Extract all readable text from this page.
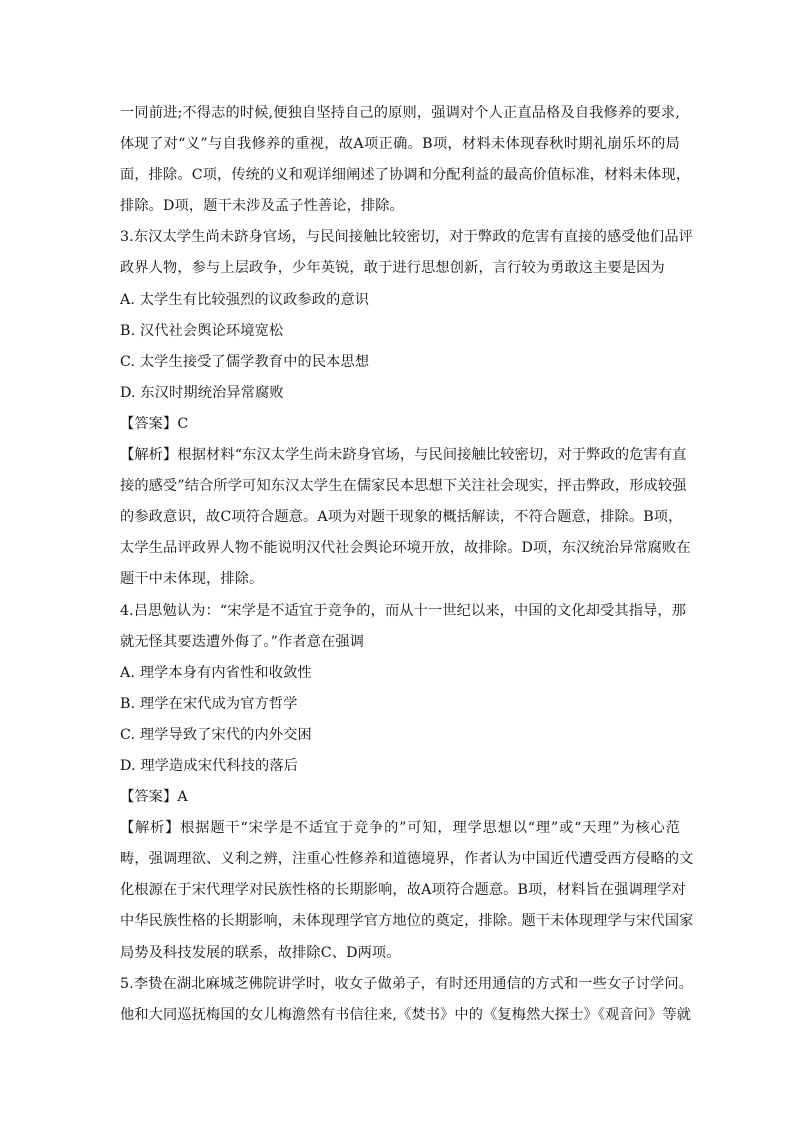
一同前进;不得志的时候,便独自坚持自己的原则，强调对个人正直品格及自我修养的要求,
体现了对“义”与自我修养的重视，故A项正确。B项，材料未体现春秋时期礼崩乐坏的局
面，排除。C项，传统的义和观详细阐述了协调和分配利益的最高价值标准，材料未体现，
排除。D项，题干未涉及孟子性善论，排除。
3.东汉太学生尚未跻身官场，与民间接触比较密切，对于弊政的危害有直接的感受他们品评
政界人物，参与上层政争，少年英锐，敢于进行思想创新，言行较为勇敢这主要是因为
A. 太学生有比较强烈的议政参政的意识
B. 汉代社会舆论环境宽松
C. 太学生接受了儒学教育中的民本思想
D. 东汉时期统治异常腐败
【答案】C
【解析】根据材料“东汉太学生尚未跻身官场，与民间接触比较密切，对于弊政的危害有直
接的感受”结合所学可知东汉太学生在儒家民本思想下关注社会现实，抨击弊政，形成较强
的参政意识，故C项符合题意。A项为对题干现象的概括解读，不符合题意，排除。B项，
太学生品评政界人物不能说明汉代社会舆论环境开放，故排除。D项，东汉统治异常腐败在
题干中未体现，排除。
4.吕思勉认为：“宋学是不适宜于竞争的，而从十一世纪以来，中国的文化却受其指导，那
就无怪其要迭遭外侮了。”作者意在强调
A. 理学本身有内省性和收敛性
B. 理学在宋代成为官方哲学
C. 理学导致了宋代的内外交困
D. 理学造成宋代科技的落后
【答案】A
【解析】根据题干“宋学是不适宜于竞争的”可知，理学思想以“理”或“天理”为核心范
畴，强调理欲、义利之辨，注重心性修养和道德境界，作者认为中国近代遭受西方侵略的文
化根源在于宋代理学对民族性格的长期影响，故A项符合题意。B项，材料旨在强调理学对
中华民族性格的长期影响，未体现理学官方地位的奠定，排除。题干未体现理学与宋代国家
局势及科技发展的联系，故排除C、D两项。
5.李贽在湖北麻城芝佛院讲学时，收女子做弟子，有时还用通信的方式和一些女子讨学问。
他和大同巡抚梅国的女儿梅澹然有书信往来,《焚书》中的《复梅然大探士》《观音问》等就
